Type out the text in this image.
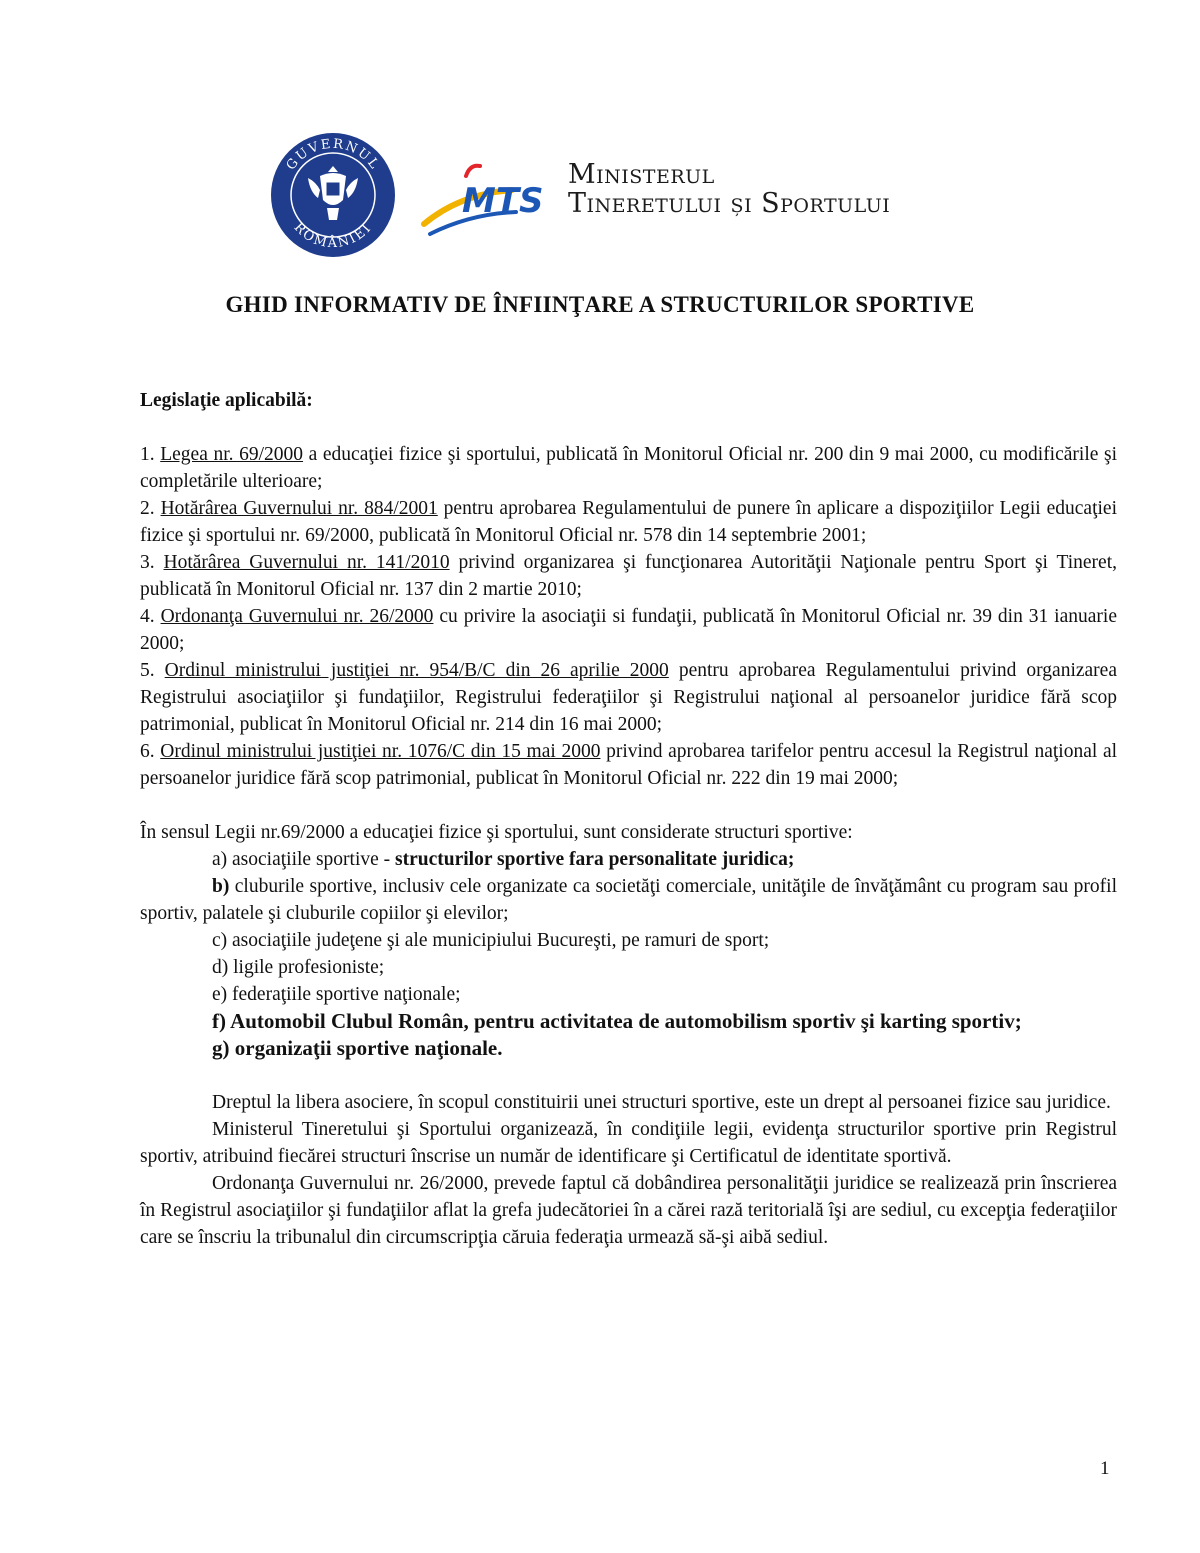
GUVERNUL
ROMÂNIEI
MTS
Ministerul
Tineretului și Sportului
GHID INFORMATIV DE ÎNFIINŢARE A STRUCTURILOR SPORTIVE

Legislaţie aplicabilă:

1. Legea nr. 69/2000 a educaţiei fizice şi sportului, publicată în Monitorul Oficial nr. 200 din 9 mai 2000, cu modificările şi completările ulterioare;

2. Hotărârea Guvernului nr. 884/2001 pentru aprobarea Regulamentului de punere în aplicare a dispoziţiilor Legii educaţiei fizice şi sportului nr. 69/2000, publicată în Monitorul Oficial nr. 578 din 14 septembrie 2001;

3. Hotărârea Guvernului nr. 141/2010 privind organizarea şi funcţionarea Autorităţii Naţionale pentru Sport şi Tineret, publicată în Monitorul Oficial nr. 137 din 2 martie 2010;

4. Ordonanţa Guvernului nr. 26/2000 cu privire la asociaţii si fundaţii, publicată în Monitorul Oficial nr. 39 din 31 ianuarie 2000;

5. Ordinul ministrului justiţiei nr. 954/B/C din 26 aprilie 2000 pentru aprobarea Regulamentului privind organizarea Registrului asociaţiilor şi fundaţiilor, Registrului federaţiilor şi Registrului naţional al persoanelor juridice fără scop patrimonial, publicat în Monitorul Oficial nr. 214 din 16 mai 2000;

6. Ordinul ministrului justiţiei nr. 1076/C din 15 mai 2000 privind aprobarea tarifelor pentru accesul la Registrul naţional al persoanelor juridice fără scop patrimonial, publicat în Monitorul Oficial nr. 222 din 19 mai 2000;

În sensul Legii nr.69/2000 a educaţiei fizice şi sportului, sunt considerate structuri sportive:

a) asociaţiile sportive - structurilor sportive fara personalitate juridica;

b) cluburile sportive, inclusiv cele organizate ca societăţi comerciale, unităţile de învăţământ cu program sau profil sportiv, palatele şi cluburile copiilor şi elevilor;

c) asociaţiile judeţene şi ale municipiului Bucureşti, pe ramuri de sport;

d) ligile profesioniste;

e) federaţiile sportive naţionale;

f) Automobil Clubul Român, pentru activitatea de automobilism sportiv şi karting sportiv;

g) organizaţii sportive naţionale.

Dreptul la libera asociere, în scopul constituirii unei structuri sportive, este un drept al persoanei fizice sau juridice.

Ministerul Tineretului şi Sportului organizează, în condiţiile legii, evidenţa structurilor sportive prin Registrul sportiv, atribuind fiecărei structuri înscrise un număr de identificare şi Certificatul de identitate sportivă.

Ordonanţa Guvernului nr. 26/2000, prevede faptul că dobândirea personalităţii juridice se realizează prin înscrierea în Registrul asociaţiilor şi fundaţiilor aflat la grefa judecătoriei în a cărei rază teritorială îşi are sediul, cu excepţia federaţiilor care se înscriu la tribunalul din circumscripţia căruia federaţia urmează să-şi aibă sediul.

1
